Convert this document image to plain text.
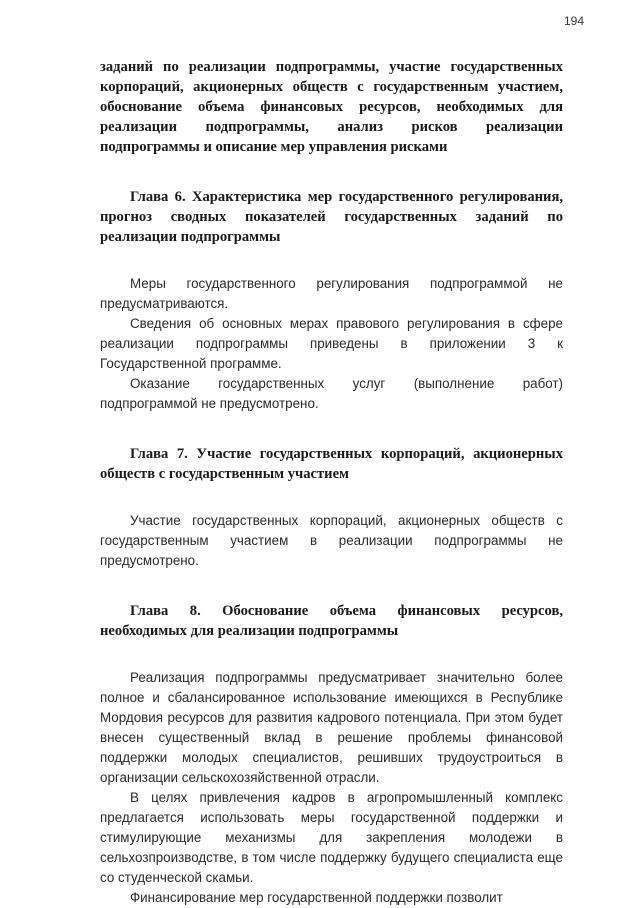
194

заданий по реализации подпрограммы, участие государственных корпораций, акционерных обществ с государственным участием, обоснование объема финансовых ресурсов, необходимых для реализации подпрограммы, анализ рисков реализации подпрограммы и описание мер управления рисками

Глава 6. Характеристика мер государственного регулирования, прогноз сводных показателей государственных заданий по реализации подпрограммы

Меры государственного регулирования подпрограммой не предусматриваются.

Сведения об основных мерах правового регулирования в сфере реализации подпрограммы приведены в приложении 3 к Государственной программе.

Оказание государственных услуг (выполнение работ) подпрограммой не предусмотрено.

Глава 7. Участие государственных корпораций, акционерных обществ с государственным участием

Участие государственных корпораций, акционерных обществ с государственным участием в реализации подпрограммы не предусмотрено.

Глава 8. Обоснование объема финансовых ресурсов, необходимых для реализации подпрограммы

Реализация подпрограммы предусматривает значительно более полное и сбалансированное использование имеющихся в Республике Мордовия ресурсов для развития кадрового потенциала. При этом будет внесен существенный вклад в решение проблемы финансовой поддержки молодых специалистов, решивших трудоустроиться в организации сельскохозяйственной отрасли.

В целях привлечения кадров в агропромышленный комплекс предлагается использовать меры государственной поддержки и стимулирующие механизмы для закрепления молодежи в сельхозпроизводстве, в том числе поддержку будущего специалиста еще со студенческой скамьи.

Финансирование мер государственной поддержки позволит
